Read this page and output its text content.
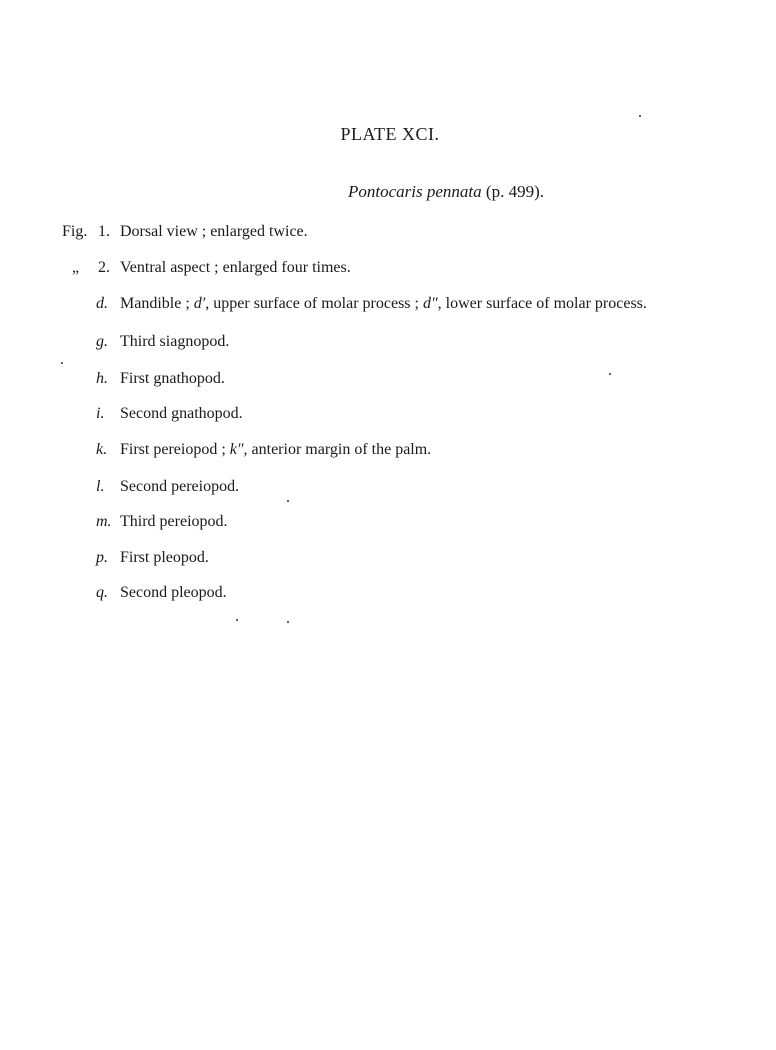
PLATE XCI.
Pontocaris pennata (p. 499).
Fig. 1. Dorsal view ; enlarged twice.
„ 2. Ventral aspect ; enlarged four times.
d. Mandible ; d′, upper surface of molar process ; d″, lower surface of molar process.
g. Third siagnopod.
h. First gnathopod.
i. Second gnathopod.
k. First pereiopod ; k″, anterior margin of the palm.
l. Second pereiopod.
m. Third pereiopod.
p. First pleopod.
q. Second pleopod.
